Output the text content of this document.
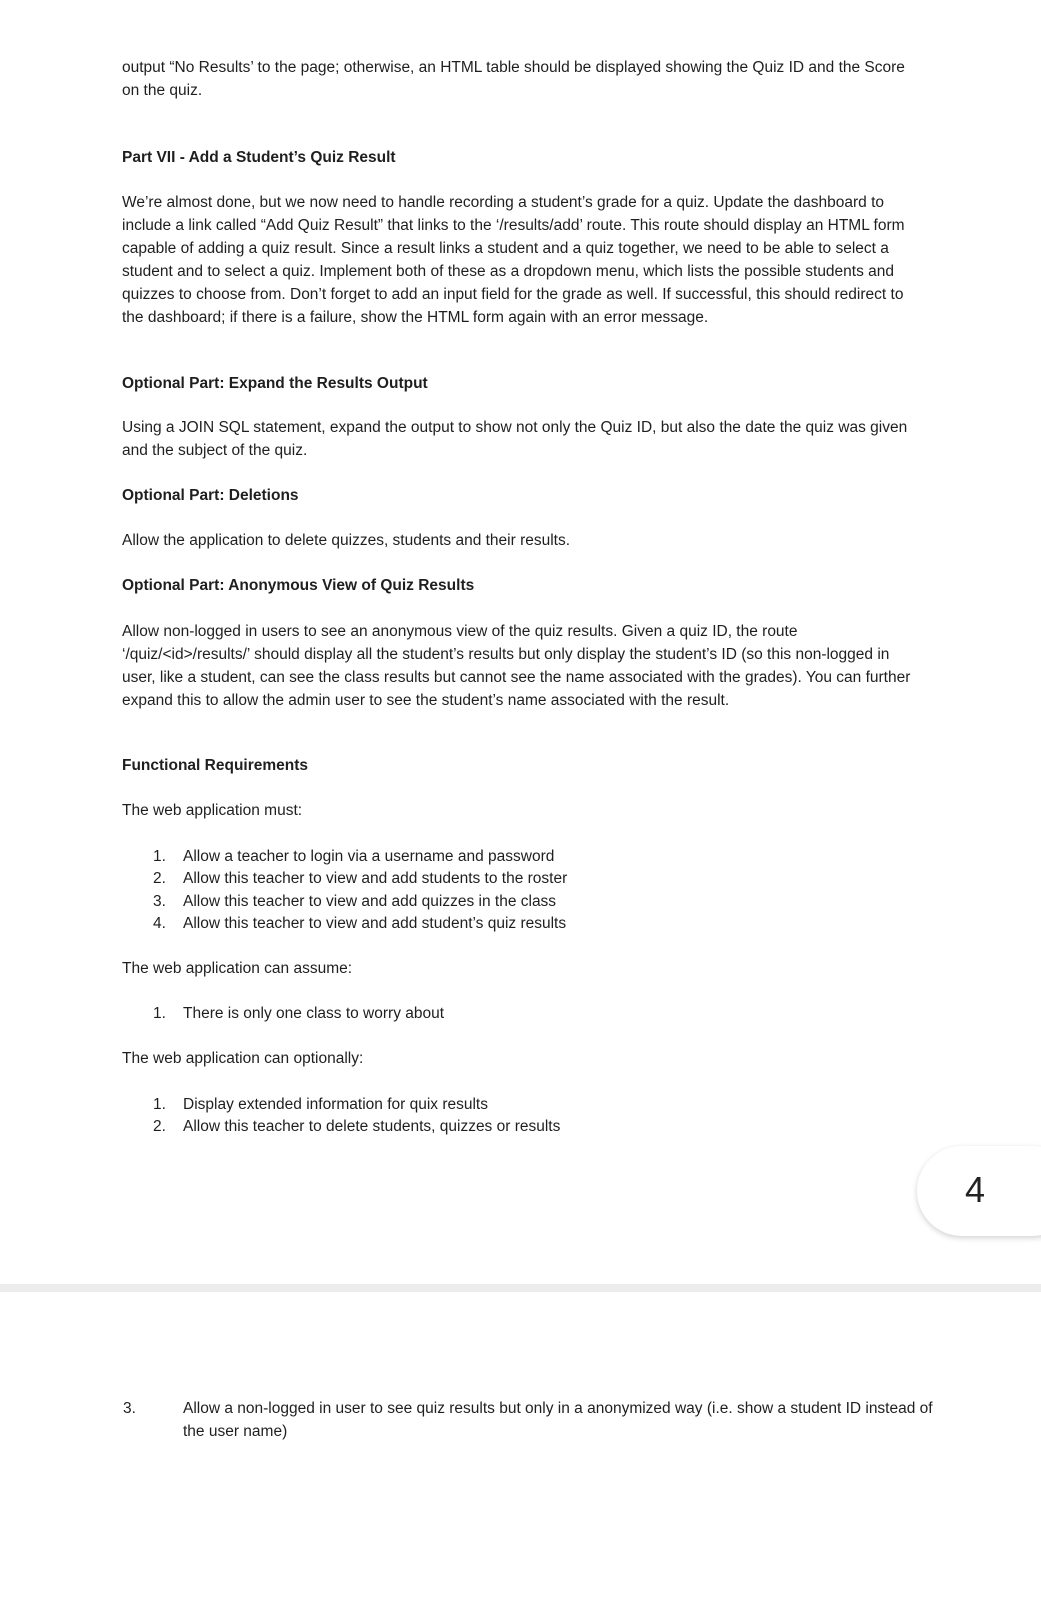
output “No Results’ to the page; otherwise, an HTML table should be displayed showing the Quiz ID and the Score on the quiz.

Part VII - Add a Student’s Quiz Result

We’re almost done, but we now need to handle recording a student’s grade for a quiz. Update the dashboard to include a link called “Add Quiz Result” that links to the ‘/results/add’ route. This route should display an HTML form capable of adding a quiz result. Since a result links a student and a quiz together, we need to be able to select a student and to select a quiz. Implement both of these as a dropdown menu, which lists the possible students and quizzes to choose from. Don’t forget to add an input field for the grade as well. If successful, this should redirect to the dashboard; if there is a failure, show the HTML form again with an error message.

Optional Part: Expand the Results Output

Using a JOIN SQL statement, expand the output to show not only the Quiz ID, but also the date the quiz was given and the subject of the quiz.

Optional Part: Deletions

Allow the application to delete quizzes, students and their results.

Optional Part: Anonymous View of Quiz Results

Allow non-logged in users to see an anonymous view of the quiz results. Given a quiz ID, the route ‘/quiz/<id>/results/’ should display all the student’s results but only display the student’s ID (so this non-logged in user, like a student, can see the class results but cannot see the name associated with the grades). You can further expand this to allow the admin user to see the student’s name associated with the result.

Functional Requirements

The web application must:

1. Allow a teacher to login via a username and password

2. Allow this teacher to view and add students to the roster

3. Allow this teacher to view and add quizzes in the class

4. Allow this teacher to view and add student’s quiz results

The web application can assume:

1. There is only one class to worry about

The web application can optionally:

1. Display extended information for quix results

2. Allow this teacher to delete students, quizzes or results

4

3.	Allow a non-logged in user to see quiz results but only in a anonymized way (i.e. show a student ID instead of the user name)
